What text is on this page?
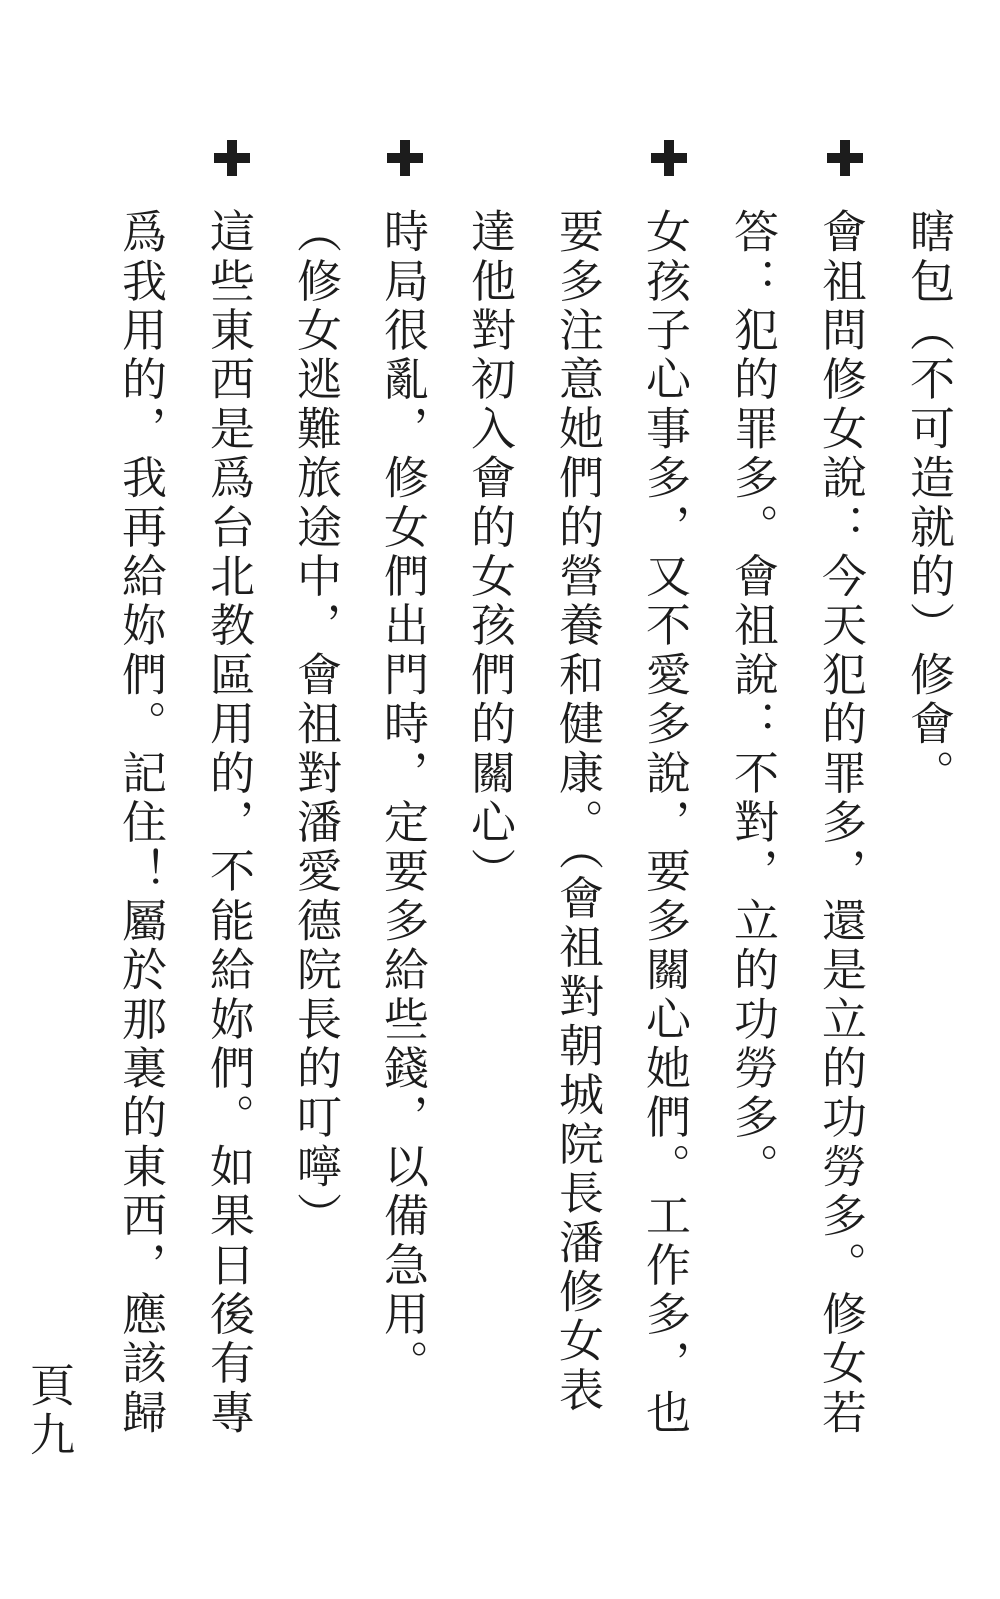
瞎包（不可造就的）修會。
會祖問修女說：今天犯的罪多，還是立的功勞多。修女若
答：犯的罪多。會祖說：不對，立的功勞多。
女孩子心事多，又不愛多說，要多關心她們。工作多，也
要多注意她們的營養和健康。（會祖對朝城院長潘修女表
達他對初入會的女孩們的關心）
時局很亂，修女們出門時，定要多給些錢，以備急用。
（修女逃難旅途中，會祖對潘愛德院長的叮嚀）
這些東西是爲台北教區用的，不能給妳們。如果日後有專
爲我用的，我再給妳們。記住！屬於那裏的東西，應該歸
頁九
